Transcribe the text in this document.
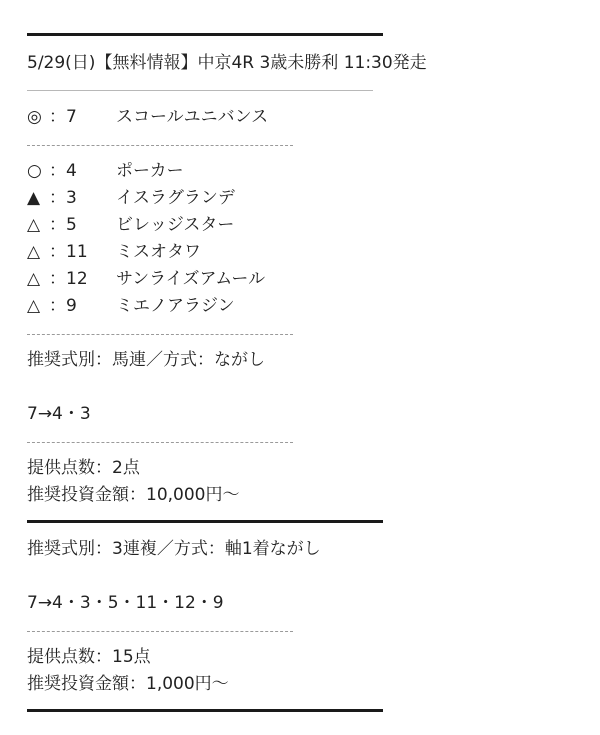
5/29(日)【無料情報】中京4R 3歳未勝利 11:30発走
◎ ：7 スコールユニバンス
○ ：4 ポーカー
▲ ：3 イスラグランデ
△ ：5 ビレッジスター
△ ：11 ミスオタワ
△ ：12 サンライズアムール
△ ：9 ミエノアラジン
推奨式別：馬連／方式：ながし
7→4・3
提供点数：2点
推奨投資金額：10,000円〜
推奨式別：3連複／方式：軸1着ながし
7→4・3・5・11・12・9
提供点数：15点
推奨投資金額：1,000円〜
